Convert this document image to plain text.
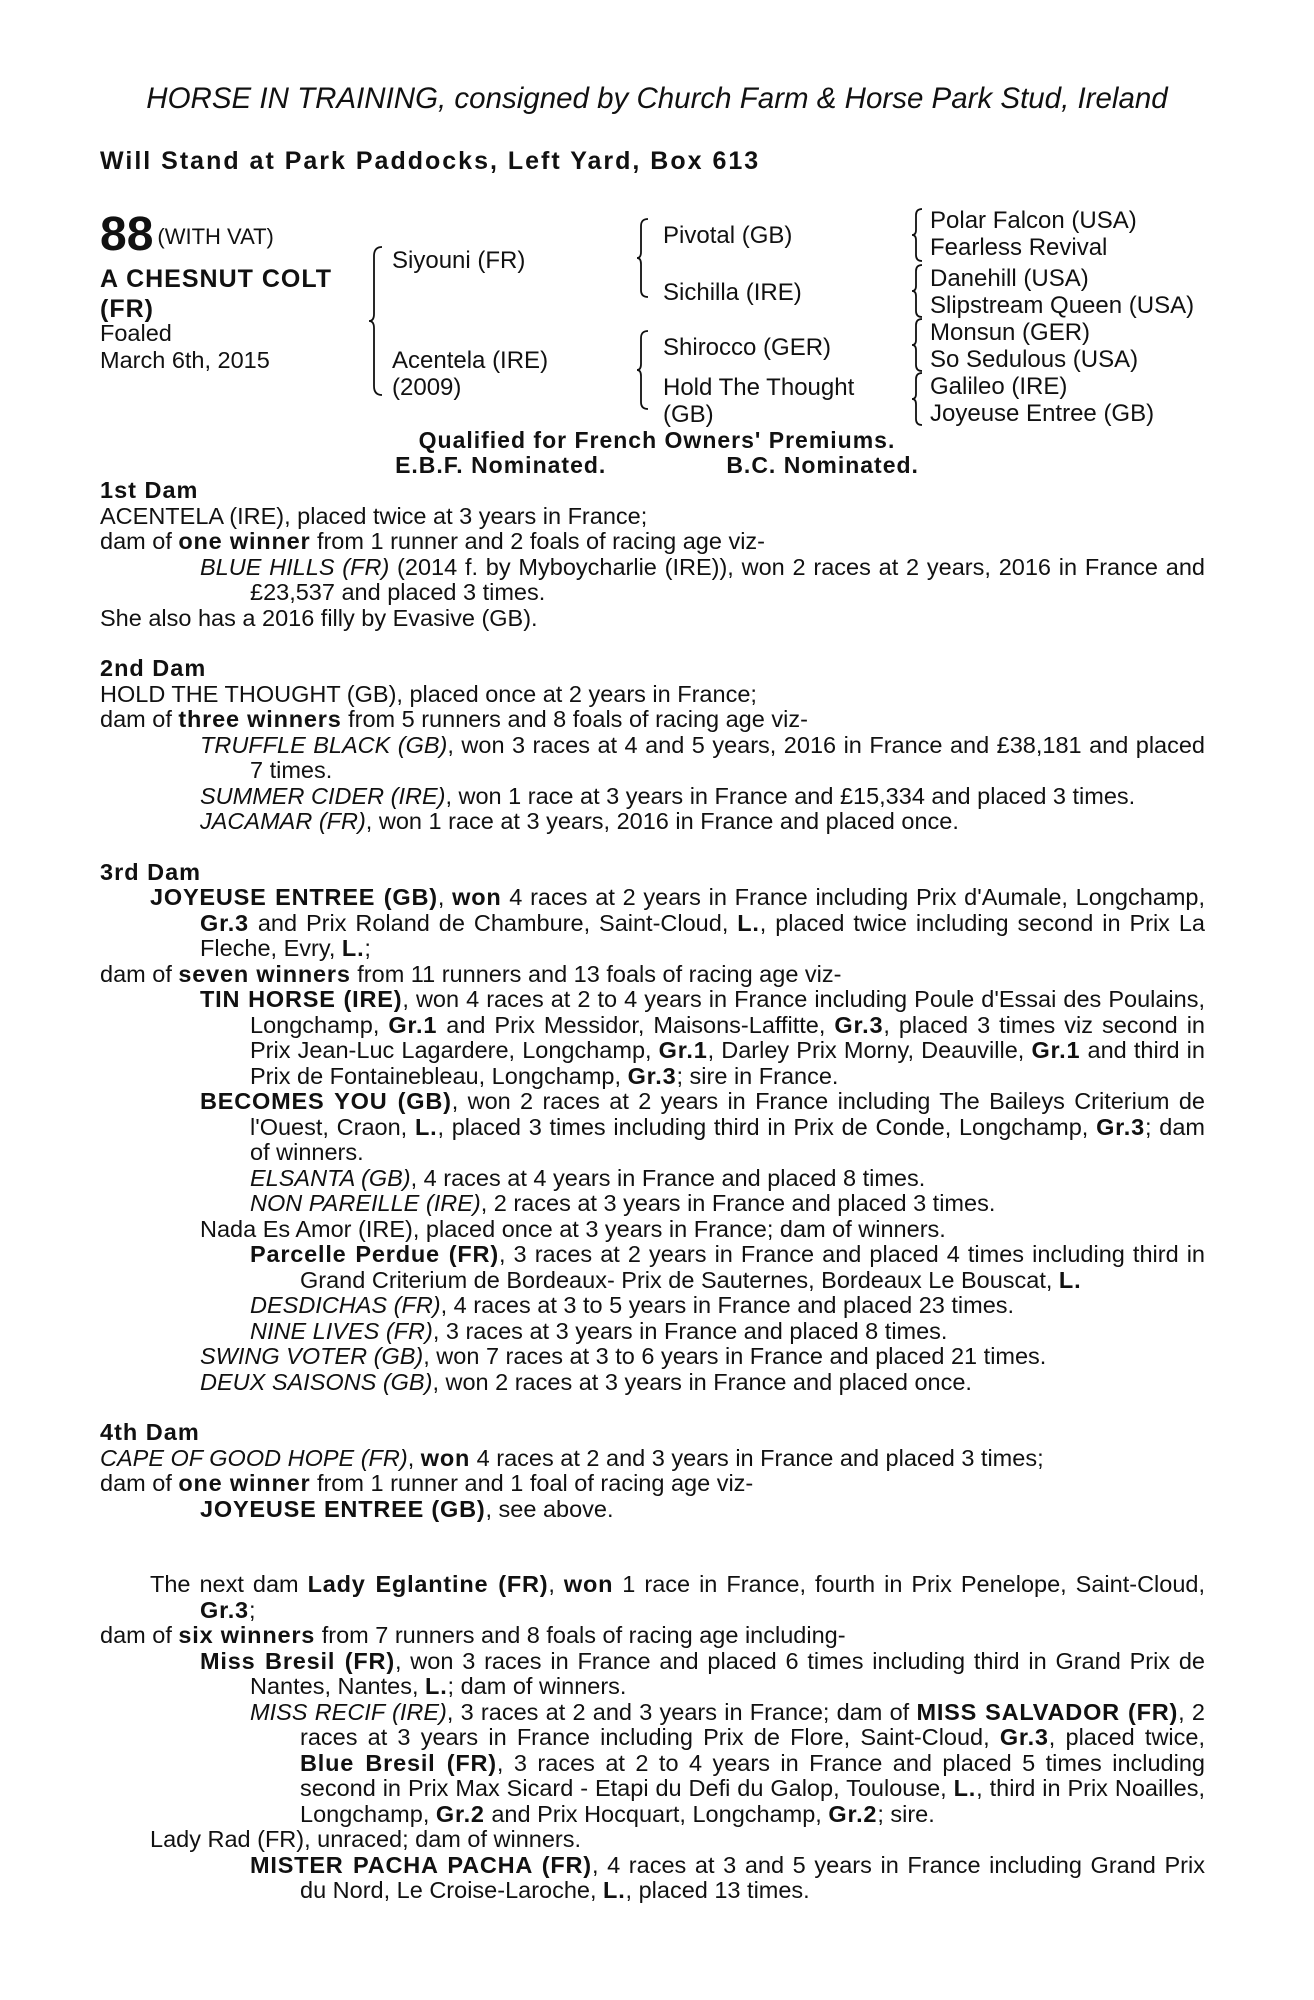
HORSE IN TRAINING, consigned by Church Farm & Horse Park Stud, Ireland
Will Stand at Park Paddocks, Left Yard, Box 613
88 (WITH VAT)
A CHESNUT COLT
(FR)
Foaled
March 6th, 2015
Siyouni (FR)
Acentela (IRE)
(2009)
Pivotal (GB)
Sichilla (IRE)
Shirocco (GER)
Hold The Thought
(GB)
Polar Falcon (USA)
Fearless Revival
Danehill (USA)
Slipstream Queen (USA)
Monsun (GER)
So Sedulous (USA)
Galileo (IRE)
Joyeuse Entree (GB)
Qualified for French Owners' Premiums.
E.B.F. Nominated.	B.C. Nominated.

1st Dam

ACENTELA (IRE), placed twice at 3 years in France;

dam of one winner from 1 runner and 2 foals of racing age viz-

BLUE HILLS (FR) (2014 f. by Myboycharlie (IRE)), won 2 races at 2 years, 2016 in France and £23,537 and placed 3 times.

She also has a 2016 filly by Evasive (GB).

2nd Dam

HOLD THE THOUGHT (GB), placed once at 2 years in France;

dam of three winners from 5 runners and 8 foals of racing age viz-

TRUFFLE BLACK (GB), won 3 races at 4 and 5 years, 2016 in France and £38,181 and placed 7 times.

SUMMER CIDER (IRE), won 1 race at 3 years in France and £15,334 and placed 3 times.

JACAMAR (FR), won 1 race at 3 years, 2016 in France and placed once.

3rd Dam

JOYEUSE ENTREE (GB), won 4 races at 2 years in France including Prix d'Aumale, Longchamp, Gr.3 and Prix Roland de Chambure, Saint-Cloud, L., placed twice including second in Prix La Fleche, Evry, L.;

dam of seven winners from 11 runners and 13 foals of racing age viz-

TIN HORSE (IRE), won 4 races at 2 to 4 years in France including Poule d'Essai des Poulains, Longchamp, Gr.1 and Prix Messidor, Maisons-Laffitte, Gr.3, placed 3 times viz second in Prix Jean-Luc Lagardere, Longchamp, Gr.1, Darley Prix Morny, Deauville, Gr.1 and third in Prix de Fontainebleau, Longchamp, Gr.3; sire in France.

BECOMES YOU (GB), won 2 races at 2 years in France including The Baileys Criterium de l'Ouest, Craon, L., placed 3 times including third in Prix de Conde, Longchamp, Gr.3; dam of winners.

ELSANTA (GB), 4 races at 4 years in France and placed 8 times.

NON PAREILLE (IRE), 2 races at 3 years in France and placed 3 times.

Nada Es Amor (IRE), placed once at 3 years in France; dam of winners.

Parcelle Perdue (FR), 3 races at 2 years in France and placed 4 times including third in Grand Criterium de Bordeaux- Prix de Sauternes, Bordeaux Le Bouscat, L.

DESDICHAS (FR), 4 races at 3 to 5 years in France and placed 23 times.

NINE LIVES (FR), 3 races at 3 years in France and placed 8 times.

SWING VOTER (GB), won 7 races at 3 to 6 years in France and placed 21 times.

DEUX SAISONS (GB), won 2 races at 3 years in France and placed once.

4th Dam

CAPE OF GOOD HOPE (FR), won 4 races at 2 and 3 years in France and placed 3 times;

dam of one winner from 1 runner and 1 foal of racing age viz-

JOYEUSE ENTREE (GB), see above.

The next dam Lady Eglantine (FR), won 1 race in France, fourth in Prix Penelope, Saint-Cloud, Gr.3;

dam of six winners from 7 runners and 8 foals of racing age including-

Miss Bresil (FR), won 3 races in France and placed 6 times including third in Grand Prix de Nantes, Nantes, L.; dam of winners.

MISS RECIF (IRE), 3 races at 2 and 3 years in France; dam of MISS SALVADOR (FR), 2 races at 3 years in France including Prix de Flore, Saint-Cloud, Gr.3, placed twice, Blue Bresil (FR), 3 races at 2 to 4 years in France and placed 5 times including second in Prix Max Sicard - Etapi du Defi du Galop, Toulouse, L., third in Prix Noailles, Longchamp, Gr.2 and Prix Hocquart, Longchamp, Gr.2; sire.

Lady Rad (FR), unraced; dam of winners.

MISTER PACHA PACHA (FR), 4 races at 3 and 5 years in France including Grand Prix du Nord, Le Croise-Laroche, L., placed 13 times.
